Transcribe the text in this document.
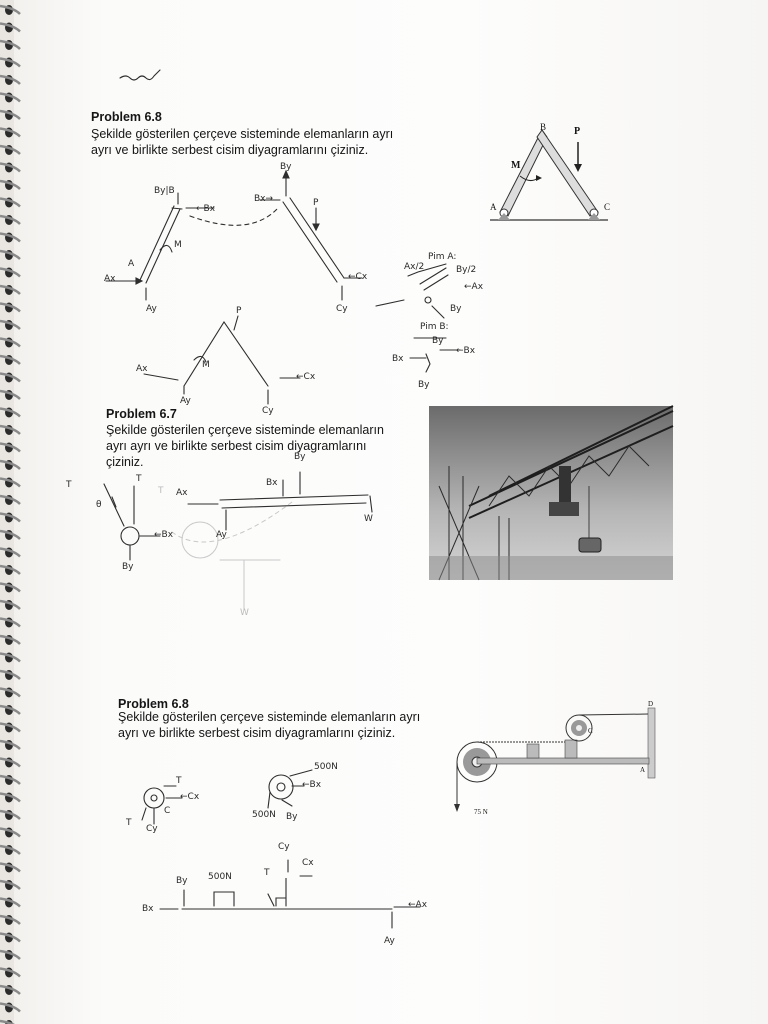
Problem 6.8
Şekilde gösterilen çerçeve sisteminde elemanların ayrı
ayrı ve birlikte serbest cisim diyagramlarını çiziniz.
B	P
M
A	C
D
C
A
75 N
Problem 6.7
Şekilde gösterilen çerçeve sisteminde elemanların
ayrı ayrı ve birlikte serbest cisim diyagramlarını
çiziniz.
Problem 6.8
Şekilde gösterilen çerçeve sisteminde elemanların ayrı
ayrı ve birlikte serbest cisim diyagramlarını çiziniz.
By|B
←Bx
Bx→
By
P
M
A
Ax
Ay
←Cx
Cy
Pim A:
Ax/2	By/2
←Ax
By
Pim B:
By
←Bx
Bx
By
Ax	M
P
Ay
←Cx
Cy
T
θ
T
T Ax
←Bx
Bx
By
By
Ay
W
W
T
←Cx
C
T
Cy
500N
←Bx
500N By
Cy
Cx
T
500N
By
Bx	←Ax
Ay
